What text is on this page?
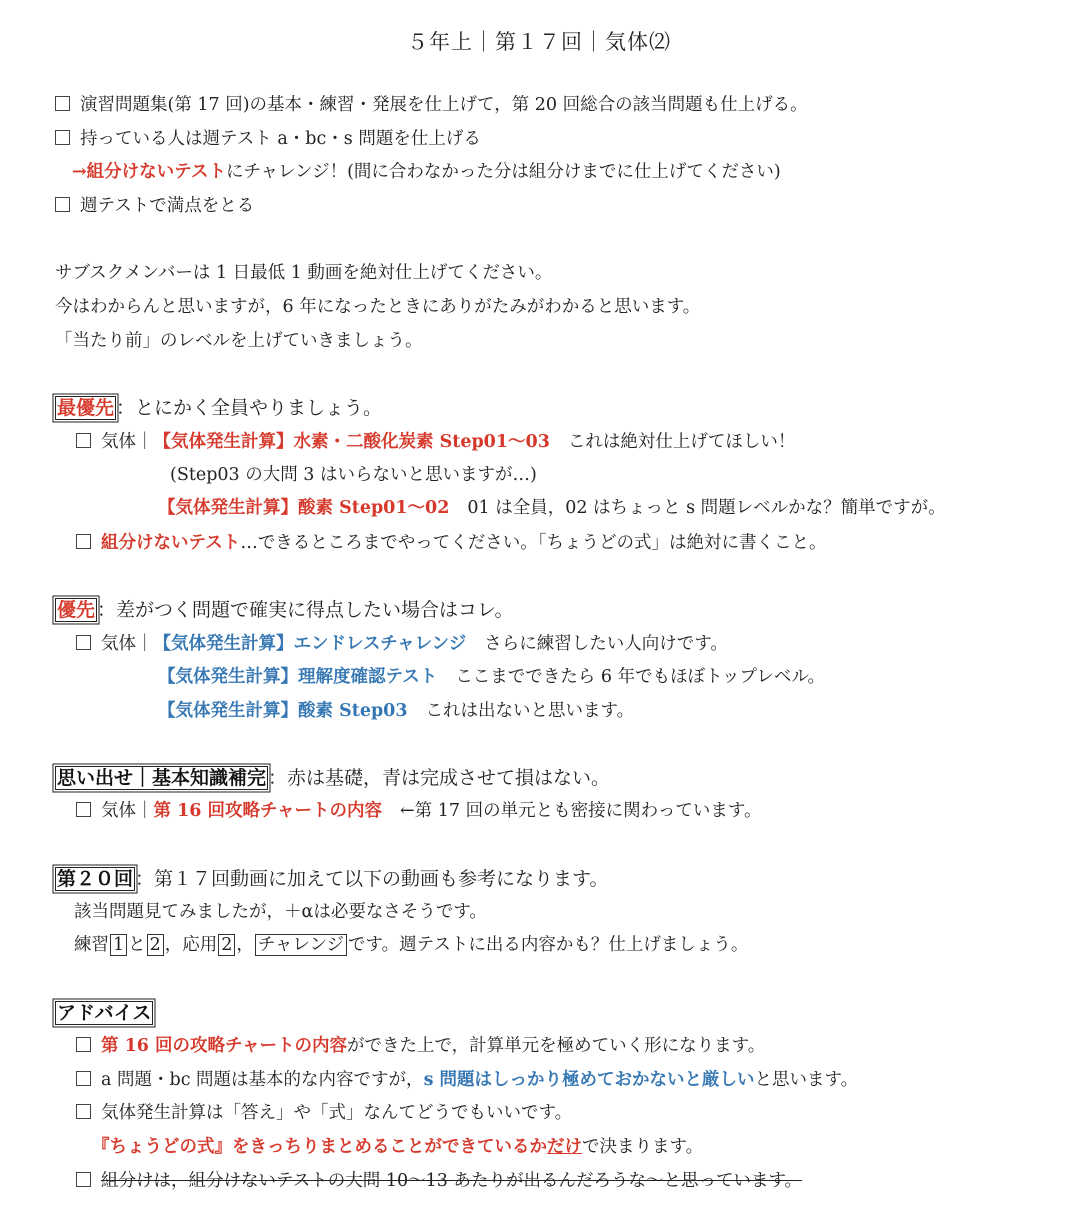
５年上｜第１７回｜気体⑵
演習問題集(第 17 回)の基本・練習・発展を仕上げて，第 20 回総合の該当問題も仕上げる。
持っている人は週テスト a・bc・s 問題を仕上げる
→組分けないテストにチャレンジ！(間に合わなかった分は組分けまでに仕上げてください)
週テストで満点をとる
サブスクメンバーは 1 日最低 1 動画を絶対仕上げてください。
今はわからんと思いますが，6 年になったときにありがたみがわかると思います。
「当たり前」のレベルを上げていきましょう。
最優先 ：とにかく全員やりましょう。
気体｜【気体発生計算】水素・二酸化炭素 Step01〜03 これは絶対仕上げてほしい！
(Step03 の大問 3 はいらないと思いますが…)
【気体発生計算】酸素 Step01〜02 01 は全員，02 はちょっと s 問題レベルかな？簡単ですが。
組分けないテスト…できるところまでやってください。「ちょうどの式」は絶対に書くこと。
優先 ：差がつく問題で確実に得点したい場合はコレ。
気体｜【気体発生計算】エンドレスチャレンジ さらに練習したい人向けです。
【気体発生計算】理解度確認テスト ここまでできたら 6 年でもほぼトップレベル。
【気体発生計算】酸素 Step03 これは出ないと思います。
思い出せ｜基本知識補完 ：赤は基礎，青は完成させて損はない。
気体｜第 16 回攻略チャートの内容 ←第 17 回の単元とも密接に関わっています。
第２０回 ：第１７回動画に加えて以下の動画も参考になります。
該当問題見てみましたが，＋αは必要なさそうです。
練習 1 と 2 ，応用 2 ， チャレンジ です。週テストに出る内容かも？仕上げましょう。
アドバイス
第 16 回の攻略チャートの内容ができた上で，計算単元を極めていく形になります。
a 問題・bc 問題は基本的な内容ですが，s 問題はしっかり極めておかないと厳しいと思います。
気体発生計算は「答え」や「式」なんてどうでもいいです。
『ちょうどの式』をきっちりまとめることができているかだけで決まります。
組分けは，組分けないテストの大問 10〜13 あたりが出るんだろうな〜と思っています。
